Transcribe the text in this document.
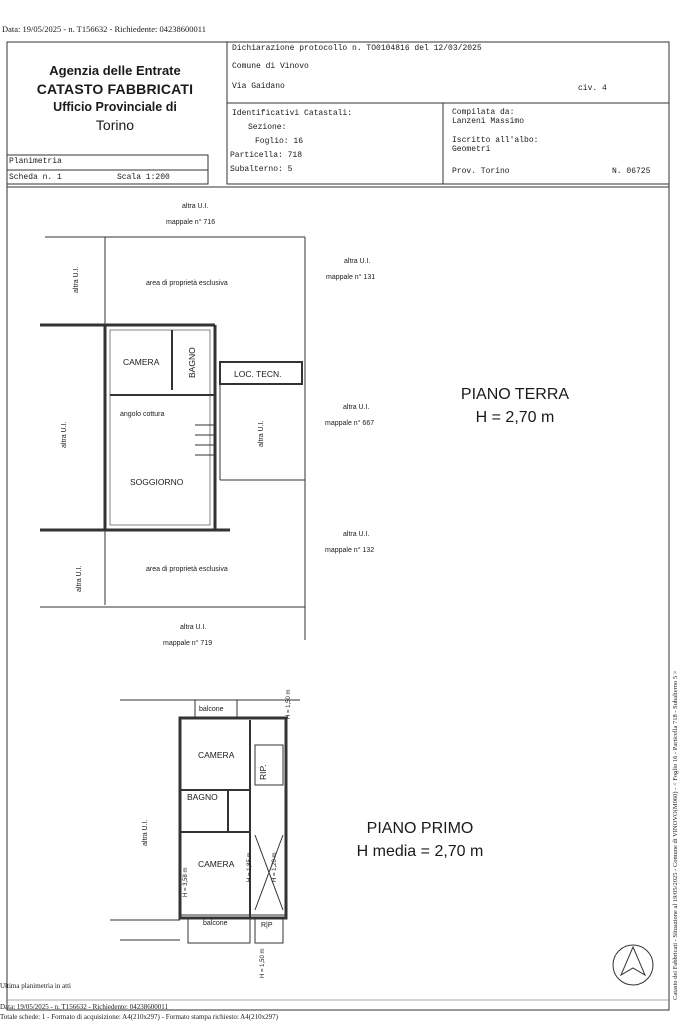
Data: 19/05/2025 - n. T156632 - Richiedente: 04238600011
Agenzia delle Entrate
CATASTO FABBRICATI
Ufficio Provinciale di
Torino
Dichiarazione protocollo n. TO0104816 del 12/03/2025
Comune di Vinovo
Via Gaidano	civ. 4
Identificativi Catastali:
Sezione:
Foglio: 16
Particella: 718
Subalterno: 5
Compilata da:
Lanzeni Massimo
Iscritto all'albo:
Geometri
Prov. Torino	N. 06725
Planimetria
Scheda n. 1	Scala 1:200
altra U.I.
mappale n° 716
altra U.I.
mappale n° 131
area di proprietà esclusiva
CAMERA	BAGNO	LOC. TECN.
angolo cottura
SOGGIORNO
altra U.I.
altra U.I.	altra U.I.
altra U.I.
altra U.I.
mappale n° 667
altra U.I.
mappale n° 132
area di proprietà esclusiva
altra U.I.
mappale n° 719
PIANO TERRA
H = 2,70 m
balcone
CAMERA
RIP.
BAGNO
CAMERA
balcone	R|P
altra U.I.
H = 1,50 m
H = 3,58 m
H = 1,85 m	H = 1,20 m
H = 1,50 m
PIANO PRIMO
H media = 2,70 m
Ultima planimetria in atti
Data: 19/05/2025 - n. T156632 - Richiedente: 04238600011
Totale schede: 1 - Formato di acquisizione: A4(210x297) - Formato stampa richiesto: A4(210x297)
Catasto dei Fabbricati - Situazione al 19/05/2025 - Comune di VINOVO(M060) - < Foglio 16 - Particella 718 - Subalterno 5 >
